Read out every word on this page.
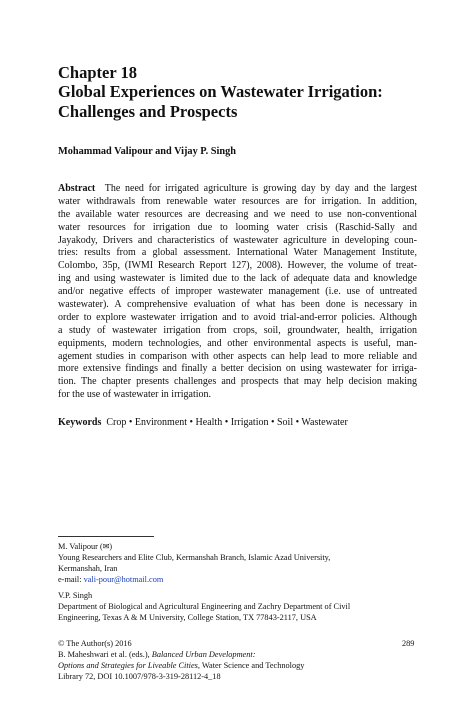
Chapter 18
Global Experiences on Wastewater Irrigation:
Challenges and Prospects
Mohammad Valipour and Vijay P. Singh
Abstract The need for irrigated agriculture is growing day by day and the largest
water withdrawals from renewable water resources are for irrigation. In addition,
the available water resources are decreasing and we need to use non-conventional
water resources for irrigation due to looming water crisis (Raschid-Sally and
Jayakody, Drivers and characteristics of wastewater agriculture in developing coun-
tries: results from a global assessment. International Water Management Institute,
Colombo, 35p, (IWMI Research Report 127), 2008). However, the volume of treat-
ing and using wastewater is limited due to the lack of adequate data and knowledge
and/or negative effects of improper wastewater management (i.e. use of untreated
wastewater). A comprehensive evaluation of what has been done is necessary in
order to explore wastewater irrigation and to avoid trial-and-error policies. Although
a study of wastewater irrigation from crops, soil, groundwater, health, irrigation
equipments, modern technologies, and other environmental aspects is useful, man-
agement studies in comparison with other aspects can help lead to more reliable and
more extensive findings and finally a better decision on using wastewater for irriga-
tion. The chapter presents challenges and prospects that may help decision making
for the use of wastewater in irrigation.
Keywords Crop • Environment • Health • Irrigation • Soil • Wastewater
M. Valipour (✉)
Young Researchers and Elite Club, Kermanshah Branch, Islamic Azad University,
Kermanshah, Iran
e-mail: vali-pour@hotmail.com
V.P. Singh
Department of Biological and Agricultural Engineering and Zachry Department of Civil
Engineering, Texas A & M University, College Station, TX 77843-2117, USA
© The Author(s) 2016
B. Maheshwari et al. (eds.), Balanced Urban Development:
Options and Strategies for Liveable Cities, Water Science and Technology
Library 72, DOI 10.1007/978-3-319-28112-4_18
289
